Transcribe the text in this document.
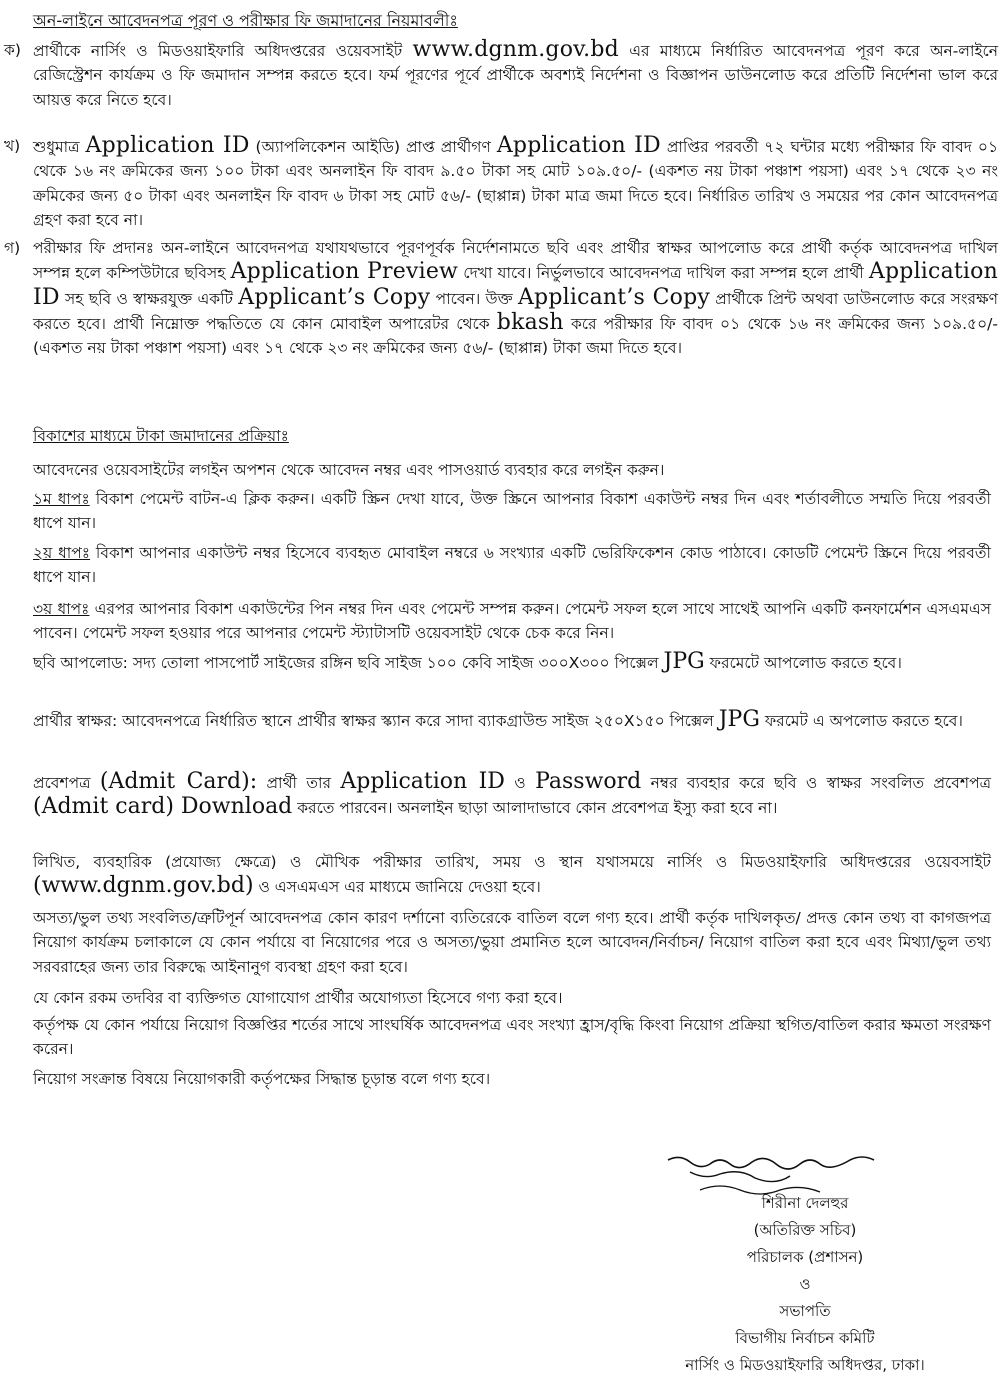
অন-লাইনে আবেদনপত্র পূরণ ও পরীক্ষার ফি জমাদানের নিয়মাবলীঃ
ক) প্রার্থীকে নার্সিং ও মিডওয়াইফারি অধিদপ্তরের ওয়েবসাইট www.dgnm.gov.bd এর মাধ্যমে নির্ধারিত আবেদনপত্র পূরণ করে অন-লাইনে রেজিস্ট্রেশন কার্যক্রম ও ফি জমাদান সম্পন্ন করতে হবে। ফর্ম পূরণের পূর্বে প্রার্থীকে অবশ্যই নির্দেশনা ও বিজ্ঞাপন ডাউনলোড করে প্রতিটি নির্দেশনা ভাল করে আয়ত্ত করে নিতে হবে।
খ) শুধুমাত্র Application ID (অ্যাপলিকেশন আইডি) প্রাপ্ত প্রার্থীগণ Application ID প্রাপ্তির পরবর্তী ৭২ ঘন্টার মধ্যে পরীক্ষার ফি বাবদ ০১ থেকে ১৬ নং ক্রমিকের জন্য ১০০ টাকা এবং অনলাইন ফি বাবদ ৯.৫০ টাকা সহ মোট ১০৯.৫০/- (একশত নয় টাকা পঞ্চাশ পয়সা) এবং ১৭ থেকে ২৩ নং ক্রমিকের জন্য ৫০ টাকা এবং অনলাইন ফি বাবদ ৬ টাকা সহ মোট ৫৬/- (ছাপ্পান্ন) টাকা মাত্র জমা দিতে হবে। নির্ধারিত তারিখ ও সময়ের পর কোন আবেদনপত্র গ্রহণ করা হবে না।
গ) পরীক্ষার ফি প্রদানঃ অন-লাইনে আবেদনপত্র যথাযথভাবে পূরণপূর্বক নির্দেশনামতে ছবি এবং প্রার্থীর স্বাক্ষর আপলোড করে প্রার্থী কর্তৃক আবেদনপত্র দাখিল সম্পন্ন হলে কম্পিউটারে ছবিসহ Application Preview দেখা যাবে। নির্ভুলভাবে আবেদনপত্র দাখিল করা সম্পন্ন হলে প্রার্থী Application ID সহ ছবি ও স্বাক্ষরযুক্ত একটি Applicant’s Copy পাবেন। উক্ত Applicant’s Copy প্রার্থীকে প্রিন্ট অথবা ডাউনলোড করে সংরক্ষণ করতে হবে। প্রার্থী নিম্নোক্ত পদ্ধতিতে যে কোন মোবাইল অপারেটর থেকে bkash করে পরীক্ষার ফি বাবদ ০১ থেকে ১৬ নং ক্রমিকের জন্য ১০৯.৫০/- (একশত নয় টাকা পঞ্চাশ পয়সা) এবং ১৭ থেকে ২৩ নং ক্রমিকের জন্য ৫৬/- (ছাপ্পান্ন) টাকা জমা দিতে হবে।
বিকাশের মাধ্যমে টাকা জমাদানের প্রক্রিয়াঃ
আবেদনের ওয়েবসাইটের লগইন অপশন থেকে আবেদন নম্বর এবং পাসওয়ার্ড ব্যবহার করে লগইন করুন।
১ম ধাপঃ বিকাশ পেমেন্ট বাটন-এ ক্লিক করুন। একটি স্ক্রিন দেখা যাবে, উক্ত স্ক্রিনে আপনার বিকাশ একাউন্ট নম্বর দিন এবং শর্তাবলীতে সম্মতি দিয়ে পরবর্তী ধাপে যান।
২য় ধাপঃ বিকাশ আপনার একাউন্ট নম্বর হিসেবে ব্যবহৃত মোবাইল নম্বরে ৬ সংখ্যার একটি ভেরিফিকেশন কোড পাঠাবে। কোডটি পেমেন্ট স্ক্রিনে দিয়ে পরবর্তী ধাপে যান।
৩য় ধাপঃ এরপর আপনার বিকাশ একাউন্টের পিন নম্বর দিন এবং পেমেন্ট সম্পন্ন করুন। পেমেন্ট সফল হলে সাথে সাথেই আপনি একটি কনফার্মেশন এসএমএস পাবেন। পেমেন্ট সফল হওয়ার পরে আপনার পেমেন্ট স্ট্যাটাসটি ওয়েবসাইট থেকে চেক করে নিন।
ছবি আপলোড: সদ্য তোলা পাসপোর্ট সাইজের রঙ্গিন ছবি সাইজ ১০০ কেবি সাইজ ৩০০X৩০০ পিক্সেল JPG ফরমেটে আপলোড করতে হবে।
প্রার্থীর স্বাক্ষর: আবেদনপত্রে নির্ধারিত স্থানে প্রার্থীর স্বাক্ষর স্ক্যান করে সাদা ব্যাকগ্রাউন্ড সাইজ ২৫০X১৫০ পিক্সেল JPG ফরমেট এ অপলোড করতে হবে।
প্রবেশপত্র (Admit Card): প্রার্থী তার Application ID ও Password নম্বর ব্যবহার করে ছবি ও স্বাক্ষর সংবলিত প্রবেশপত্র (Admit card) Download করতে পারবেন। অনলাইন ছাড়া আলাদাভাবে কোন প্রবেশপত্র ইস্যু করা হবে না।
লিখিত, ব্যবহারিক (প্রযোজ্য ক্ষেত্রে) ও মৌখিক পরীক্ষার তারিখ, সময় ও স্থান যথাসময়ে নার্সিং ও মিডওয়াইফারি অধিদপ্তরের ওয়েবসাইট (www.dgnm.gov.bd) ও এসএমএস এর মাধ্যমে জানিয়ে দেওয়া হবে।
অসত্য/ভুল তথ্য সংবলিত/ত্রুটিপূর্ন আবেদনপত্র কোন কারণ দর্শানো ব্যতিরেকে বাতিল বলে গণ্য হবে। প্রার্থী কর্তৃক দাখিলকৃত/ প্রদত্ত কোন তথ্য বা কাগজপত্র নিয়োগ কার্যক্রম চলাকালে যে কোন পর্যায়ে বা নিয়োগের পরে ও অসত্য/ভুয়া প্রমানিত হলে আবেদন/নির্বাচন/ নিয়োগ বাতিল করা হবে এবং মিথ্যা/ভুল তথ্য সরবরাহের জন্য তার বিরুদ্ধে আইনানুগ ব্যবস্থা গ্রহণ করা হবে।
যে কোন রকম তদবির বা ব্যক্তিগত যোগাযোগ প্রার্থীর অযোগ্যতা হিসেবে গণ্য করা হবে।
কর্তৃপক্ষ যে কোন পর্যায়ে নিয়োগ বিজ্ঞপ্তির শর্তের সাথে সাংঘর্ষিক আবেদনপত্র এবং সংখ্যা হ্রাস/বৃদ্ধি কিংবা নিয়োগ প্রক্রিয়া স্থগিত/বাতিল করার ক্ষমতা সংরক্ষণ করেন।
নিয়োগ সংক্রান্ত বিষয়ে নিয়োগকারী কর্তৃপক্ষের সিদ্ধান্ত চূড়ান্ত বলে গণ্য হবে।
শিরীনা দেলহুর
(অতিরিক্ত সচিব)
পরিচালক (প্রশাসন)
ও
সভাপতি
বিভাগীয় নির্বাচন কমিটি
নার্সিং ও মিডওয়াইফারি অধিদপ্তর, ঢাকা।
